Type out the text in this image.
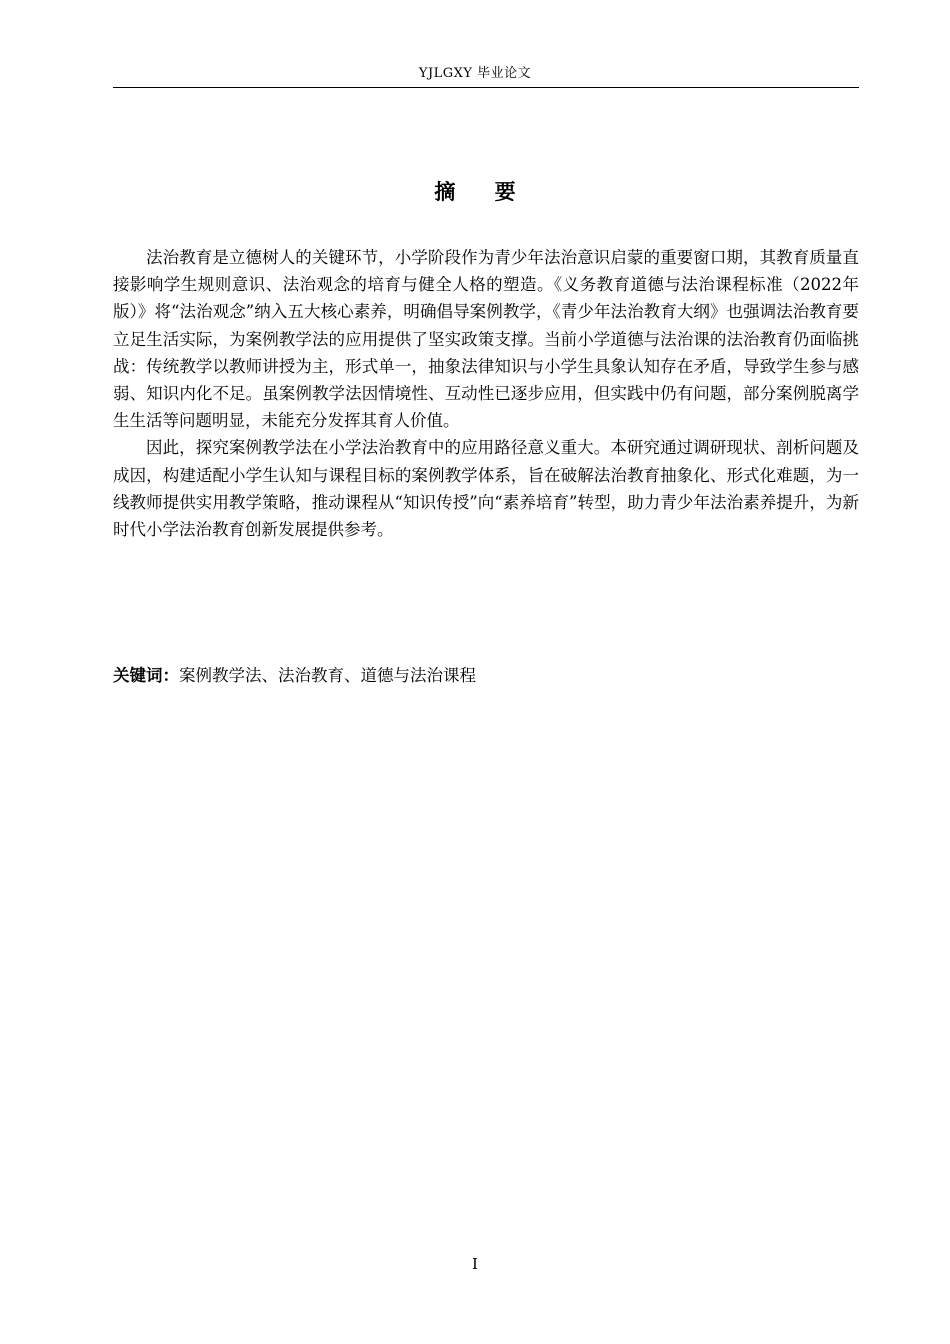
YJLGXY 毕业论文
摘 要

法治教育是立德树人的关键环节，小学阶段作为青少年法治意识启蒙的重要窗口期，其教育质量直接影响学生规则意识、法治观念的培育与健全人格的塑造。《义务教育道德与法治课程标准（2022年版）》将“法治观念”纳入五大核心素养，明确倡导案例教学，《青少年法治教育大纲》也强调法治教育要立足生活实际，为案例教学法的应用提供了坚实政策支撑。当前小学道德与法治课的法治教育仍面临挑战：传统教学以教师讲授为主，形式单一，抽象法律知识与小学生具象认知存在矛盾，导致学生参与感弱、知识内化不足。虽案例教学法因情境性、互动性已逐步应用，但实践中仍有问题，部分案例脱离学生生活等问题明显，未能充分发挥其育人价值。

因此，探究案例教学法在小学法治教育中的应用路径意义重大。本研究通过调研现状、剖析问题及成因，构建适配小学生认知与课程目标的案例教学体系，旨在破解法治教育抽象化、形式化难题，为一线教师提供实用教学策略，推动课程从“知识传授”向“素养培育”转型，助力青少年法治素养提升，为新时代小学法治教育创新发展提供参考。

关键词：案例教学法、法治教育、道德与法治课程
I
